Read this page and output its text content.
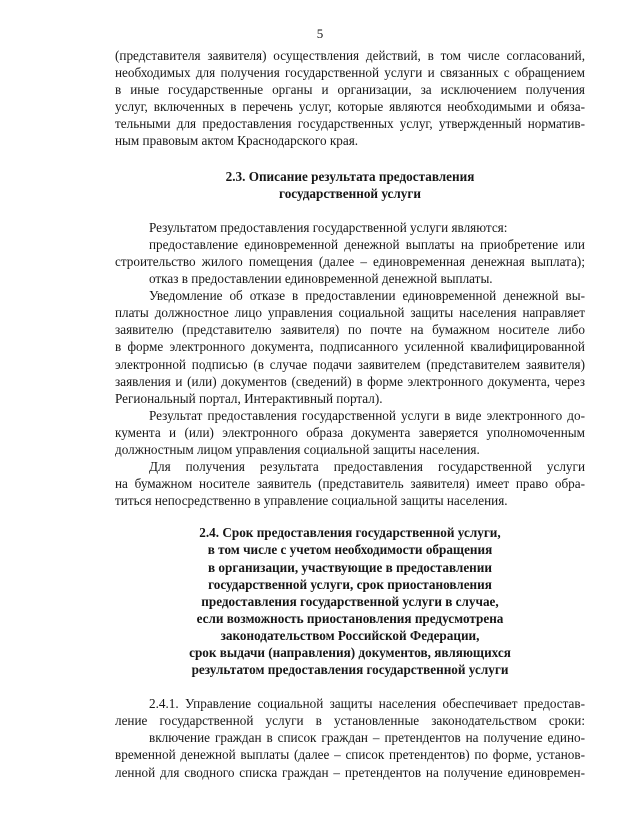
5
(представителя заявителя) осуществления действий, в том числе согласований,
необходимых для получения государственной услуги и связанных с обращением
в иные государственные органы и организации, за исключением получения
услуг, включенных в перечень услуг, которые являются необходимыми и обяза-
тельными для предоставления государственных услуг, утвержденный норматив-
ным правовым актом Краснодарского края.
2.3. Описание результата предоставления
государственной услуги
Результатом предоставления государственной услуги являются:
предоставление единовременной денежной выплаты на приобретение или
строительство жилого помещения (далее – единовременная денежная выплата);
отказ в предоставлении единовременной денежной выплаты.
Уведомление об отказе в предоставлении единовременной денежной вы-
платы должностное лицо управления социальной защиты населения направляет
заявителю (представителю заявителя) по почте на бумажном носителе либо
в форме электронного документа, подписанного усиленной квалифицированной
электронной подписью (в случае подачи заявителем (представителем заявителя)
заявления и (или) документов (сведений) в форме электронного документа, через
Региональный портал, Интерактивный портал).
Результат предоставления государственной услуги в виде электронного до-
кумента и (или) электронного образа документа заверяется уполномоченным
должностным лицом управления социальной защиты населения.
Для получения результата предоставления государственной услуги
на бумажном носителе заявитель (представитель заявителя) имеет право обра-
титься непосредственно в управление социальной защиты населения.
2.4. Срок предоставления государственной услуги,
в том числе с учетом необходимости обращения
в организации, участвующие в предоставлении
государственной услуги, срок приостановления
предоставления государственной услуги в случае,
если возможность приостановления предусмотрена
законодательством Российской Федерации,
срок выдачи (направления) документов, являющихся
результатом предоставления государственной услуги
2.4.1. Управление социальной защиты населения обеспечивает предостав-
ление государственной услуги в установленные законодательством сроки:
включение граждан в список граждан – претендентов на получение едино-
временной денежной выплаты (далее – список претендентов) по форме, установ-
ленной для сводного списка граждан – претендентов на получение единовремен-
